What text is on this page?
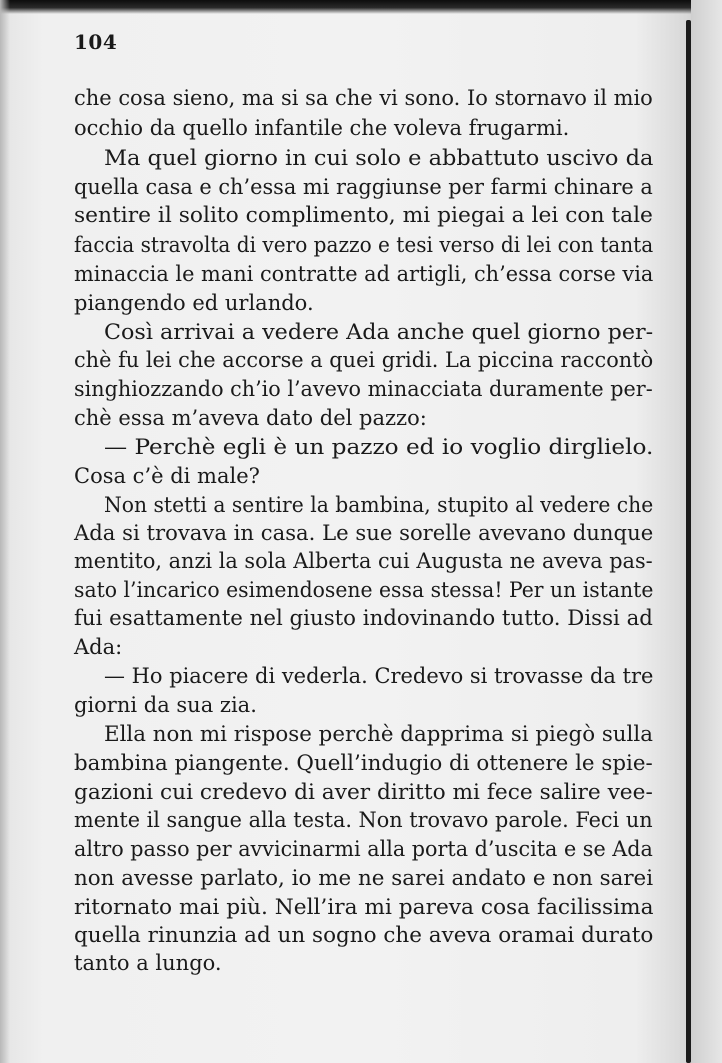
104
che cosa sieno, ma si sa che vi sono. Io stornavo il mio
occhio da quello infantile che voleva frugarmi.
Ma quel giorno in cui solo e abbattuto uscivo da
quella casa e ch’essa mi raggiunse per farmi chinare a
sentire il solito complimento, mi piegai a lei con tale
faccia stravolta di vero pazzo e tesi verso di lei con tanta
minaccia le mani contratte ad artigli, ch’essa corse via
piangendo ed urlando.
Così arrivai a vedere Ada anche quel giorno per-
chè fu lei che accorse a quei gridi. La piccina raccontò
singhiozzando ch’io l’avevo minacciata duramente per-
chè essa m’aveva dato del pazzo:
— Perchè egli è un pazzo ed io voglio dirglielo.
Cosa c’è di male?
Non stetti a sentire la bambina, stupito al vedere che
Ada si trovava in casa. Le sue sorelle avevano dunque
mentito, anzi la sola Alberta cui Augusta ne aveva pas-
sato l’incarico esimendosene essa stessa! Per un istante
fui esattamente nel giusto indovinando tutto. Dissi ad
Ada:
— Ho piacere di vederla. Credevo si trovasse da tre
giorni da sua zia.
Ella non mi rispose perchè dapprima si piegò sulla
bambina piangente. Quell’indugio di ottenere le spie-
gazioni cui credevo di aver diritto mi fece salire vee-
mente il sangue alla testa. Non trovavo parole. Feci un
altro passo per avvicinarmi alla porta d’uscita e se Ada
non avesse parlato, io me ne sarei andato e non sarei
ritornato mai più. Nell’ira mi pareva cosa facilissima
quella rinunzia ad un sogno che aveva oramai durato
tanto a lungo.
